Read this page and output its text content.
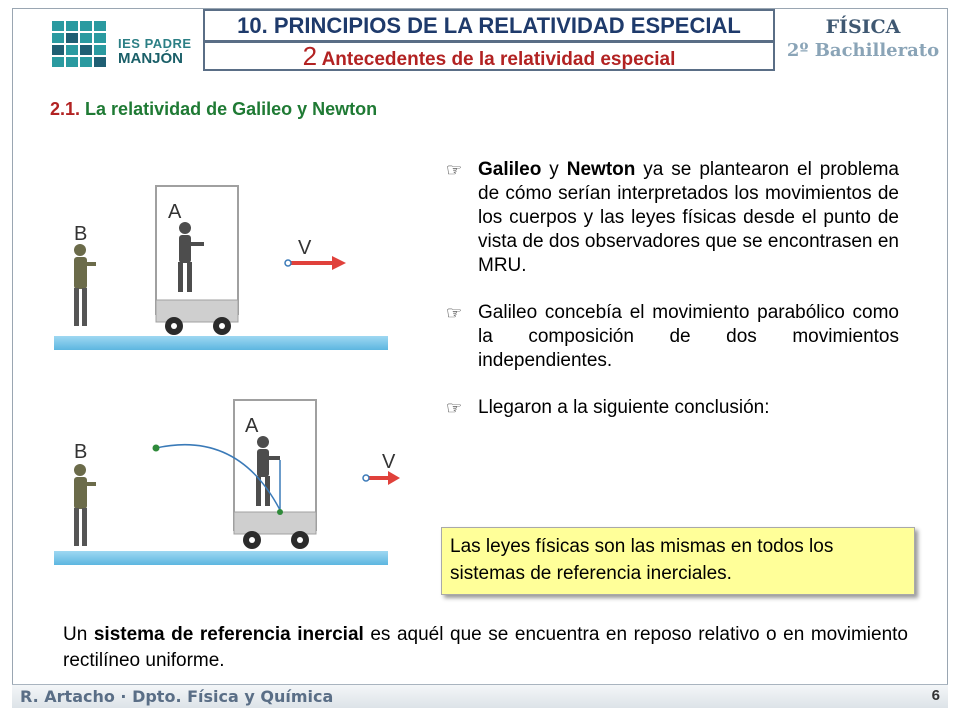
IES PADRE
MANJÓN
10. PRINCIPIOS DE LA RELATIVIDAD ESPECIAL
2 Antecedentes de la relatividad especial
FÍSICA
2º Bachillerato
2.1. La relatividad de Galileo y Newton
A
B
V
A
B	V
☞ Galileo y Newton ya se plantearon el problema de cómo serían interpretados los movimientos de los cuerpos y las leyes físicas desde el punto de vista de dos observadores que se encontrasen en MRU.
☞ Galileo concebía el movimiento parabólico como la composición de dos movimientos independientes.
☞ Llegaron a la siguiente conclusión:
Las leyes físicas son las mismas en todos los sistemas de referencia inerciales.
Un sistema de referencia inercial es aquél que se encuentra en reposo relativo o en movimiento rectilíneo uniforme.
R. Artacho · Dpto. Física y Química	6
